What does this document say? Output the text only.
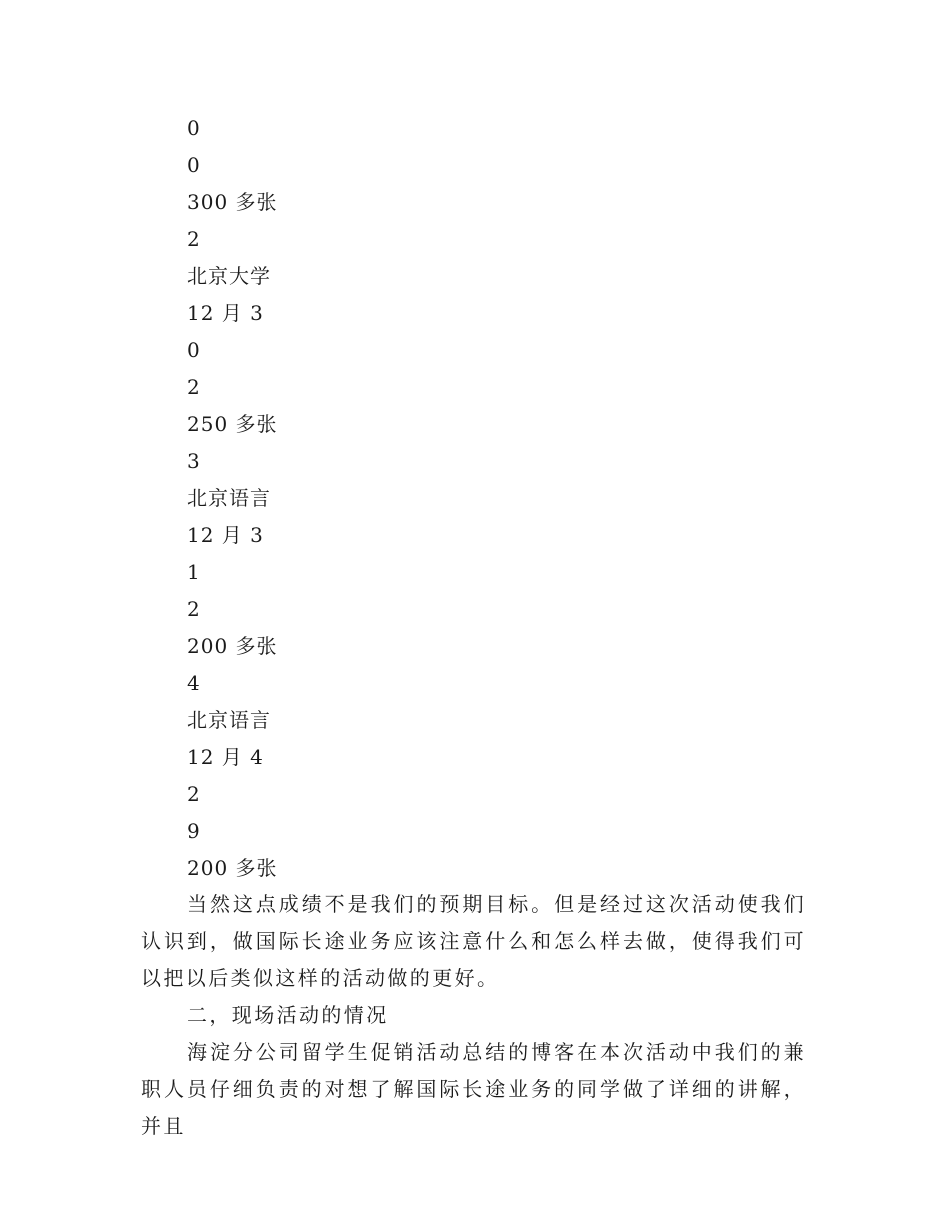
0
0
300 多张
2
北京大学
12 月 3
0
2
250 多张
3
北京语言
12 月 3
1
2
200 多张
4
北京语言
12 月 4
2
9
200 多张

当然这点成绩不是我们的预期目标。但是经过这次活动使我们认识到，做国际长途业务应该注意什么和怎么样去做，使得我们可以把以后类似这样的活动做的更好。

二，现场活动的情况

海淀分公司留学生促销活动总结的博客在本次活动中我们的兼职人员仔细负责的对想了解国际长途业务的同学做了详细的讲解，并且
